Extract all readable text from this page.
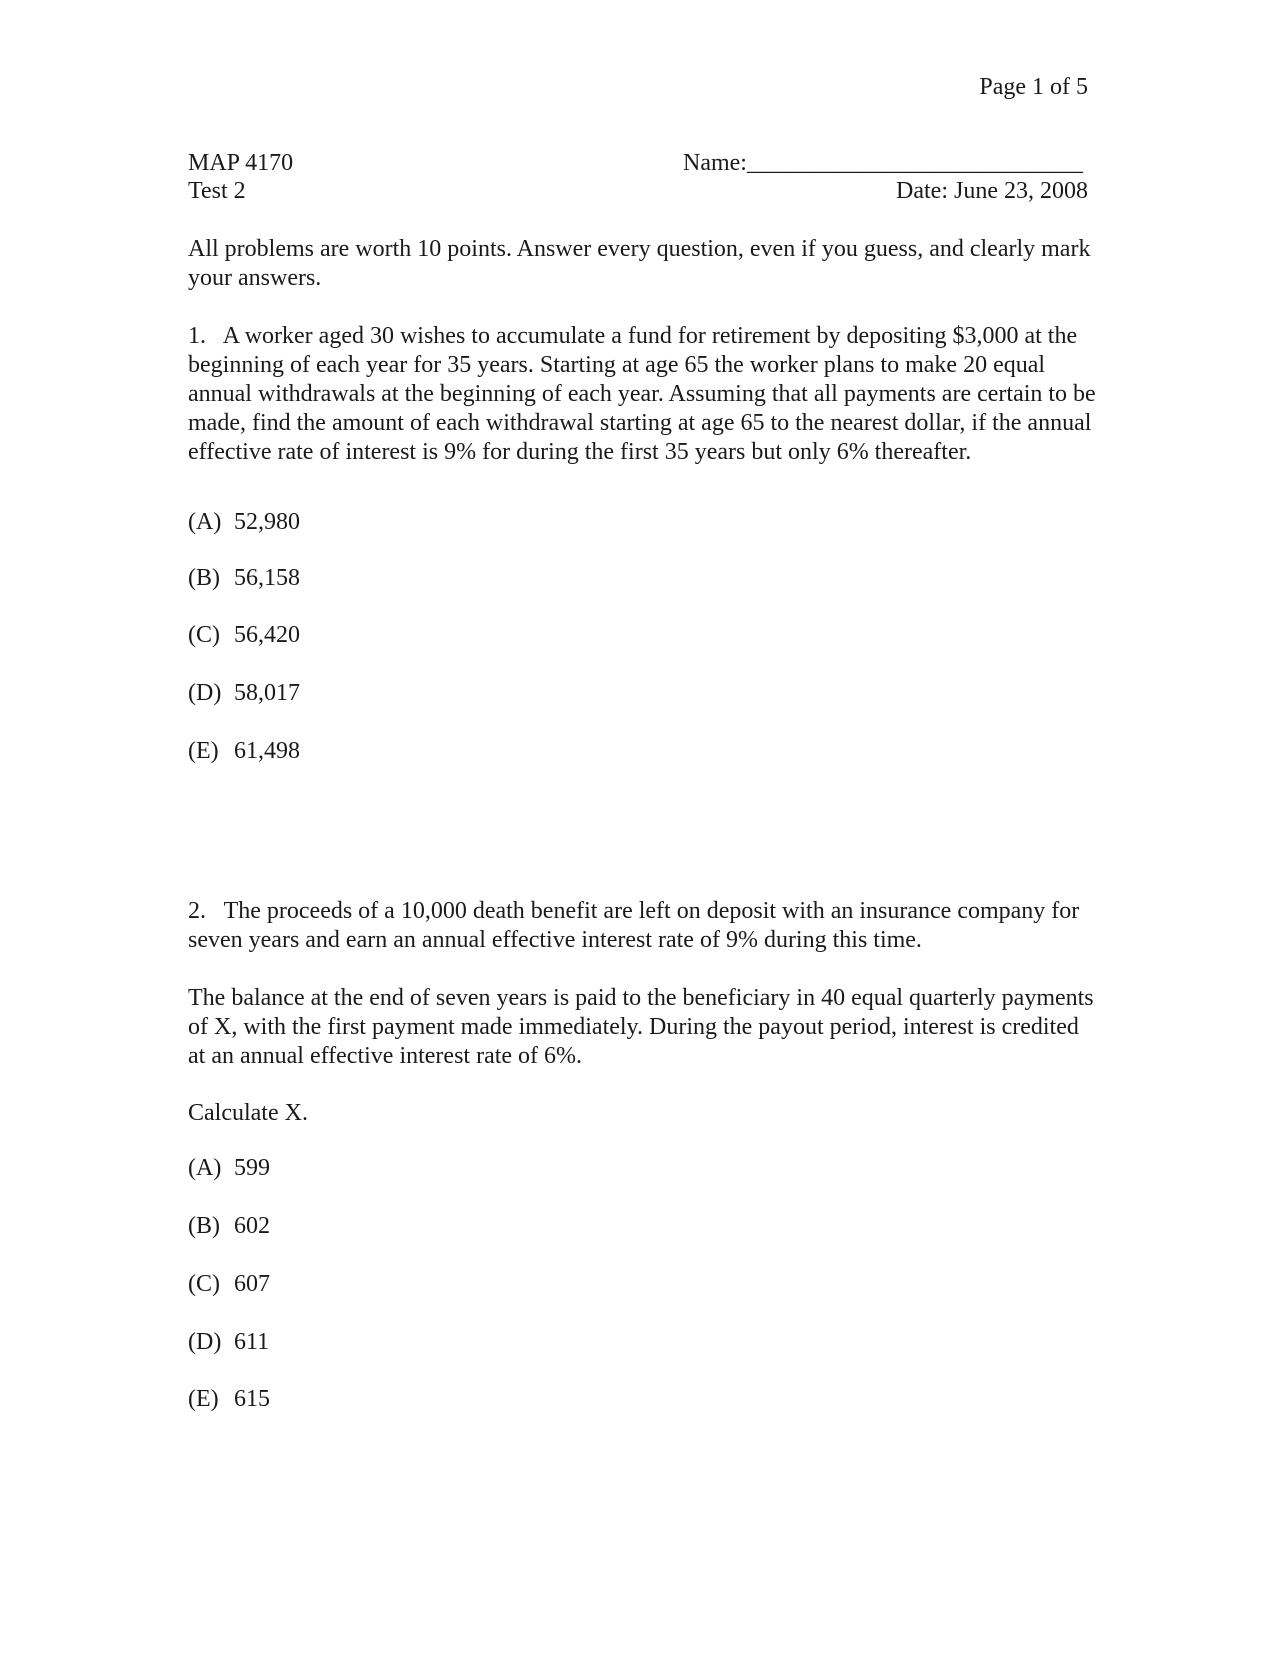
Page 1 of 5
MAP 4170
Test 2
Name:____________________________
Date: June 23, 2008
All problems are worth 10 points. Answer every question, even if you guess, and clearly mark your answers.
1. A worker aged 30 wishes to accumulate a fund for retirement by depositing $3,000 at the beginning of each year for 35 years. Starting at age 65 the worker plans to make 20 equal annual withdrawals at the beginning of each year. Assuming that all payments are certain to be made, find the amount of each withdrawal starting at age 65 to the nearest dollar, if the annual effective rate of interest is 9% for during the first 35 years but only 6% thereafter.
(A) 52,980
(B) 56,158
(C) 56,420
(D) 58,017
(E) 61,498
2. The proceeds of a 10,000 death benefit are left on deposit with an insurance company for seven years and earn an annual effective interest rate of 9% during this time.
The balance at the end of seven years is paid to the beneficiary in 40 equal quarterly payments of X, with the first payment made immediately. During the payout period, interest is credited at an annual effective interest rate of 6%.
Calculate X.
(A) 599
(B) 602
(C) 607
(D) 611
(E) 615
